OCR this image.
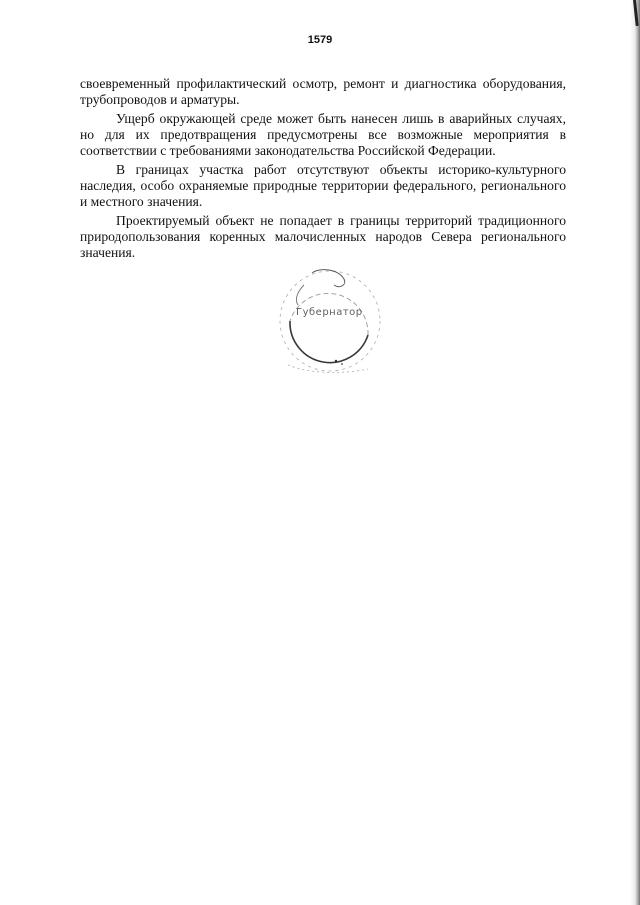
1579

своевременный профилактический осмотр, ремонт и диагностика оборудования, трубопроводов и арматуры.

Ущерб окружающей среде может быть нанесен лишь в аварийных случаях, но для их предотвращения предусмотрены все возможные мероприятия в соответствии с требованиями законодательства Российской Федерации.

В границах участка работ отсутствуют объекты историко-культурного наследия, особо охраняемые природные территории федерального, регионального и местного значения.

Проектируемый объект не попадает в границы территорий традиционного природопользования коренных малочисленных народов Севера регионального значения.

Губернатор
